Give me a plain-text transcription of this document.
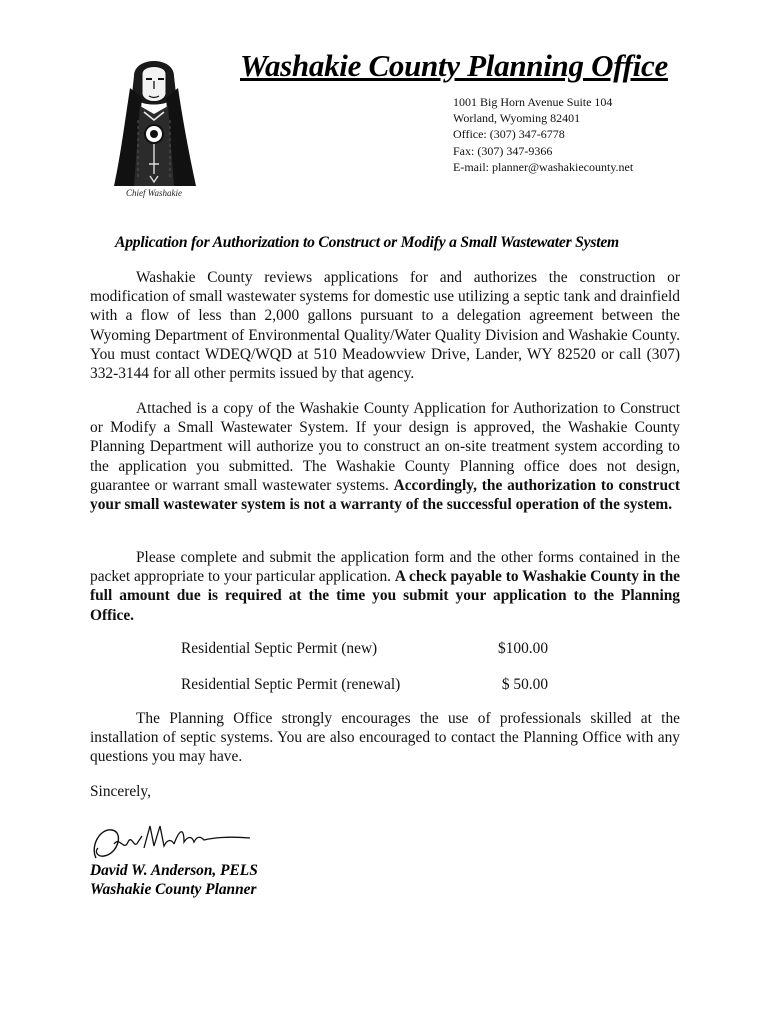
Chief Washakie
Washakie County Planning Office
1001 Big Horn Avenue Suite 104
Worland, Wyoming 82401
Office: (307) 347-6778
Fax: (307) 347-9366
E-mail: planner@washakiecounty.net
Application for Authorization to Construct or Modify a Small Wastewater System

Washakie County reviews applications for and authorizes the construction or modification of small wastewater systems for domestic use utilizing a septic tank and drainfield with a flow of less than 2,000 gallons pursuant to a delegation agreement between the Wyoming Department of Environmental Quality/Water Quality Division and Washakie County. You must contact WDEQ/WQD at 510 Meadowview Drive, Lander, WY 82520 or call (307) 332-3144 for all other permits issued by that agency.

Attached is a copy of the Washakie County Application for Authorization to Construct or Modify a Small Wastewater System. If your design is approved, the Washakie County Planning Department will authorize you to construct an on-site treatment system according to the application you submitted. The Washakie County Planning office does not design, guarantee or warrant small wastewater systems. Accordingly, the authorization to construct your small wastewater system is not a warranty of the successful operation of the system.

Please complete and submit the application form and the other forms contained in the packet appropriate to your particular application. A check payable to Washakie County in the full amount due is required at the time you submit your application to the Planning Office.

Residential Septic Permit (new)	$100.00
Residential Septic Permit (renewal)	$ 50.00

The Planning Office strongly encourages the use of professionals skilled at the installation of septic systems. You are also encouraged to contact the Planning Office with any questions you may have.

Sincerely,

David W. Anderson, PELS
Washakie County Planner
